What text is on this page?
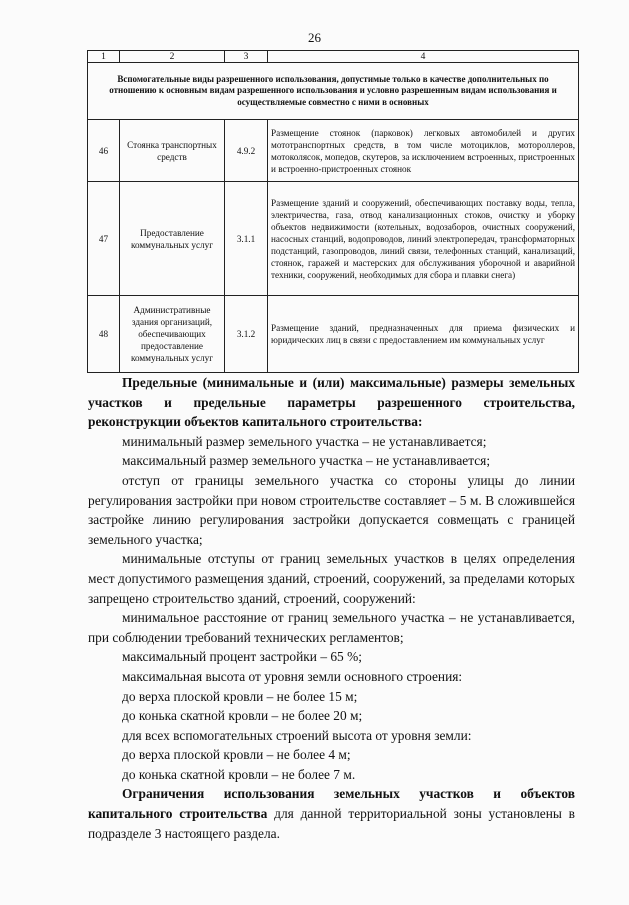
26
1	2	3	4
Вспомогательные виды разрешенного использования, допустимые только в качестве дополнительных по отношению к основным видам разрешенного использования и условно разрешенным видам использования и осуществляемые совместно с ними в основных			
46	Стоянка транспортных средств	4.9.2	Размещение стоянок (парковок) легковых автомобилей и других мототранспортных средств, в том числе мотоциклов, мотороллеров, мотоколясок, мопедов, скутеров, за исключением встроенных, пристроенных и встроенно-пристроенных стоянок
47	Предоставление коммунальных услуг	3.1.1	Размещение зданий и сооружений, обеспечивающих поставку воды, тепла, электричества, газа, отвод канализационных стоков, очистку и уборку объектов недвижимости (котельных, водозаборов, очистных сооружений, насосных станций, водопроводов, линий электропередач, трансформаторных подстанций, газопроводов, линий связи, телефонных станций, канализаций, стоянок, гаражей и мастерских для обслуживания уборочной и аварийной техники, сооружений, необходимых для сбора и плавки снега)
48	Административные здания организаций, обеспечивающих предоставление коммунальных услуг	3.1.2	Размещение зданий, предназначенных для приема физических и юридических лиц в связи с предоставлением им коммунальных услуг

Предельные (минимальные и (или) максимальные) размеры земельных участков и предельные параметры разрешенного строительства, реконструкции объектов капитального строительства:

минимальный размер земельного участка – не устанавливается;

максимальный размер земельного участка – не устанавливается;

отступ от границы земельного участка со стороны улицы до линии регулирования застройки при новом строительстве составляет – 5 м. В сложившейся застройке линию регулирования застройки допускается совмещать с границей земельного участка;

минимальные отступы от границ земельных участков в целях определения мест допустимого размещения зданий, строений, сооружений, за пределами которых запрещено строительство зданий, строений, сооружений:

минимальное расстояние от границ земельного участка – не устанавливается, при соблюдении требований технических регламентов;

максимальный процент застройки – 65 %;

максимальная высота от уровня земли основного строения:

до верха плоской кровли – не более 15 м;

до конька скатной кровли – не более 20 м;

для всех вспомогательных строений высота от уровня земли:

до верха плоской кровли – не более 4 м;

до конька скатной кровли – не более 7 м.

Ограничения использования земельных участков и объектов капитального строительства для данной территориальной зоны установлены в подразделе 3 настоящего раздела.
